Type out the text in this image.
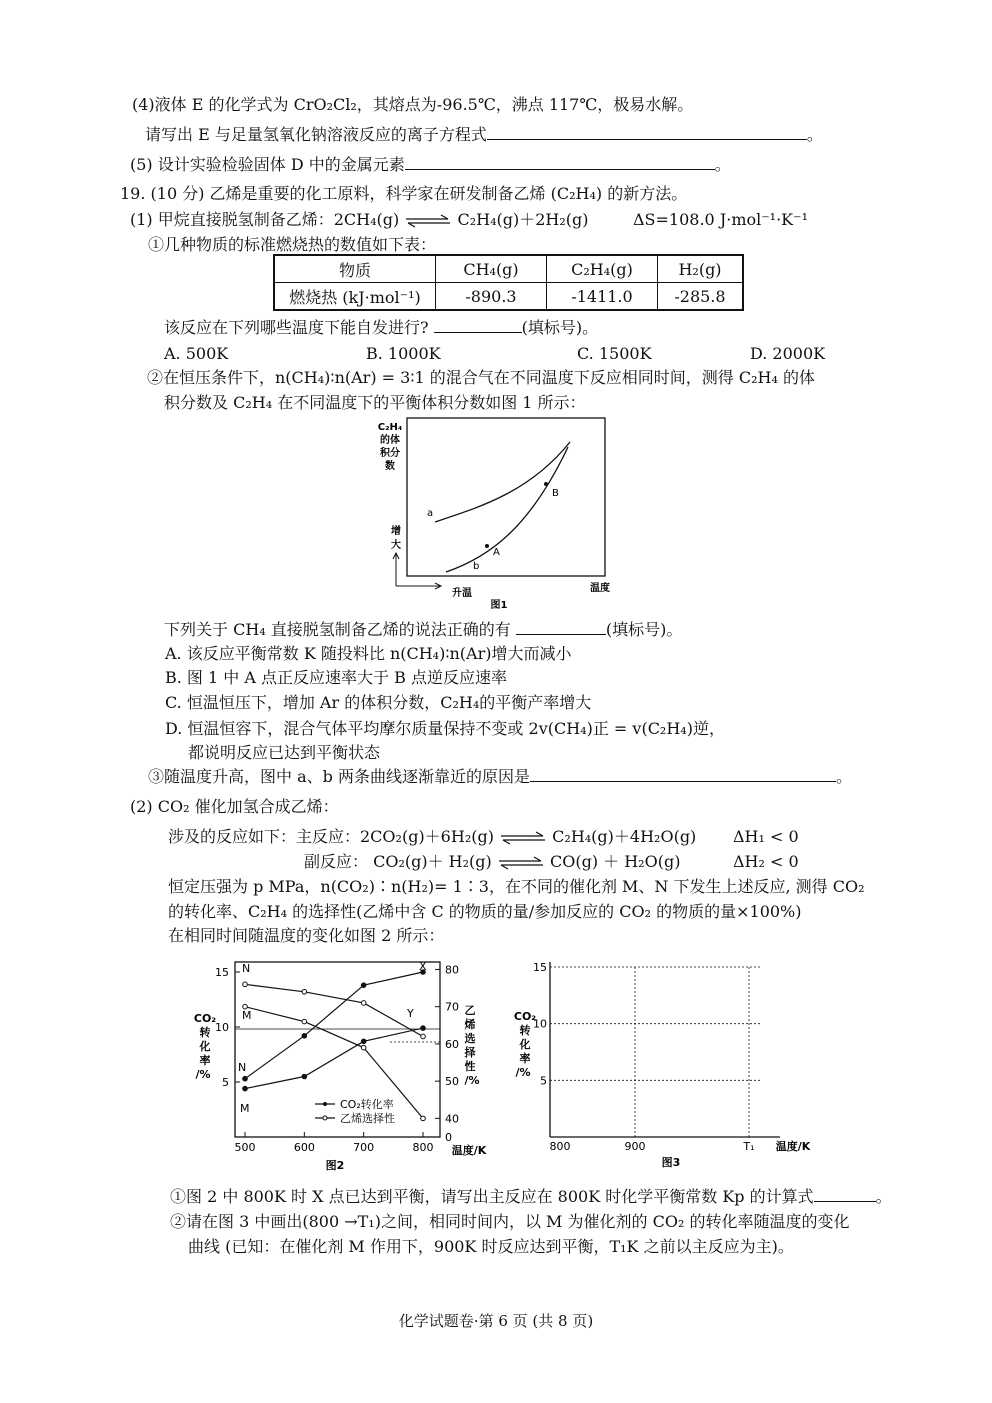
(4)液体 E 的化学式为 CrO₂Cl₂，其熔点为-96.5℃，沸点 117℃，极易水解。
请写出 E 与足量氢氧化钠溶液反应的离子方程式	。
(5) 设计实验检验固体 D 中的金属元素	。
19. (10 分) 乙烯是重要的化工原料，科学家在研发制备乙烯 (C₂H₄) 的新方法。
(1) 甲烷直接脱氢制备乙烯：2CH₄(g) ⇌ C₂H₄(g)＋2H₂(g)	ΔS=108.0 J·mol⁻¹·K⁻¹
①几种物质的标准燃烧热的数值如下表：
物质	CH₄(g)	C₂H₄(g)	H₂(g)
燃烧热 (kJ·mol⁻¹)	-890.3	-1411.0	-285.8
该反应在下列哪些温度下能自发进行?	(填标号)。
A. 500K	B. 1000K	C. 1500K	D. 2000K
②在恒压条件下，n(CH₄)∶n(Ar) = 3∶1 的混合气在不同温度下反应相同时间，测得 C₂H₄ 的体
积分数及 C₂H₄ 在不同温度下的平衡体积分数如图 1 所示：
C₂H₄
的体
积分
数
增
大
升温	温度
图1
a
b
A
B
下列关于 CH₄ 直接脱氢制备乙烯的说法正确的有	(填标号)。
A. 该反应平衡常数 K 随投料比 n(CH₄)∶n(Ar)增大而减小
B. 图 1 中 A 点正反应速率大于 B 点逆反应速率
C. 恒温恒压下，增加 Ar 的体积分数，C₂H₄的平衡产率增大
D. 恒温恒容下，混合气体平均摩尔质量保持不变或 2v(CH₄)正 = v(C₂H₄)逆，
都说明反应已达到平衡状态
③随温度升高，图中 a、b 两条曲线逐渐靠近的原因是	。
(2) CO₂ 催化加氢合成乙烯：
涉及的反应如下：主反应：2CO₂(g)＋6H₂(g) ⇌ C₂H₄(g)＋4H₂O(g) ΔH₁ < 0
副反应： CO₂(g)＋ H₂(g) ⇌ CO(g) ＋ H₂O(g)	ΔH₂ < 0
恒定压强为 p MPa，n(CO₂)∶n(H₂)= 1∶3，在不同的催化剂 M、N 下发生上述反应, 测得 CO₂
的转化率、C₂H₄ 的选择性(乙烯中含 C 的物质的量/参加反应的 CO₂ 的物质的量×100%)
在相同时间随温度的变化如图 2 所示：
CO₂ 转化率/%
乙烯选择性/%
温度/K
图2
CO₂转化率
乙烯选择性
5
10
15
0
40
50
60
70
80
500	600	700	800
N
M
N
M
X
Y	CO₂ 转化率/%
温度/K
图3
5
10
15
800	900	T₁
①图 2 中 800K 时 X 点已达到平衡，请写出主反应在 800K 时化学平衡常数 Kp 的计算式	。
②请在图 3 中画出(800 →T₁)之间，相同时间内，以 M 为催化剂的 CO₂ 的转化率随温度的变化
曲线 (已知：在催化剂 M 作用下，900K 时反应达到平衡，T₁K 之前以主反应为主)。
化学试题卷·第 6 页 (共 8 页)
